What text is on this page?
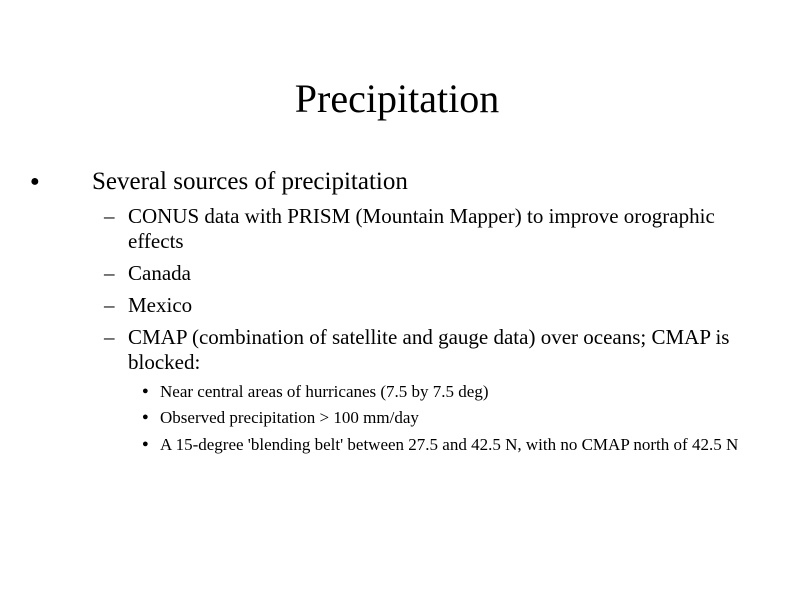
Precipitation
● Several sources of precipitation
– CONUS data with PRISM (Mountain Mapper) to improve orographic effects
– Canada
– Mexico
– CMAP (combination of satellite and gauge data) over oceans; CMAP is blocked:
● Near central areas of hurricanes (7.5 by 7.5 deg)
● Observed precipitation > 100 mm/day
● A 15-degree 'blending belt' between 27.5 and 42.5 N, with no CMAP north of 42.5 N
